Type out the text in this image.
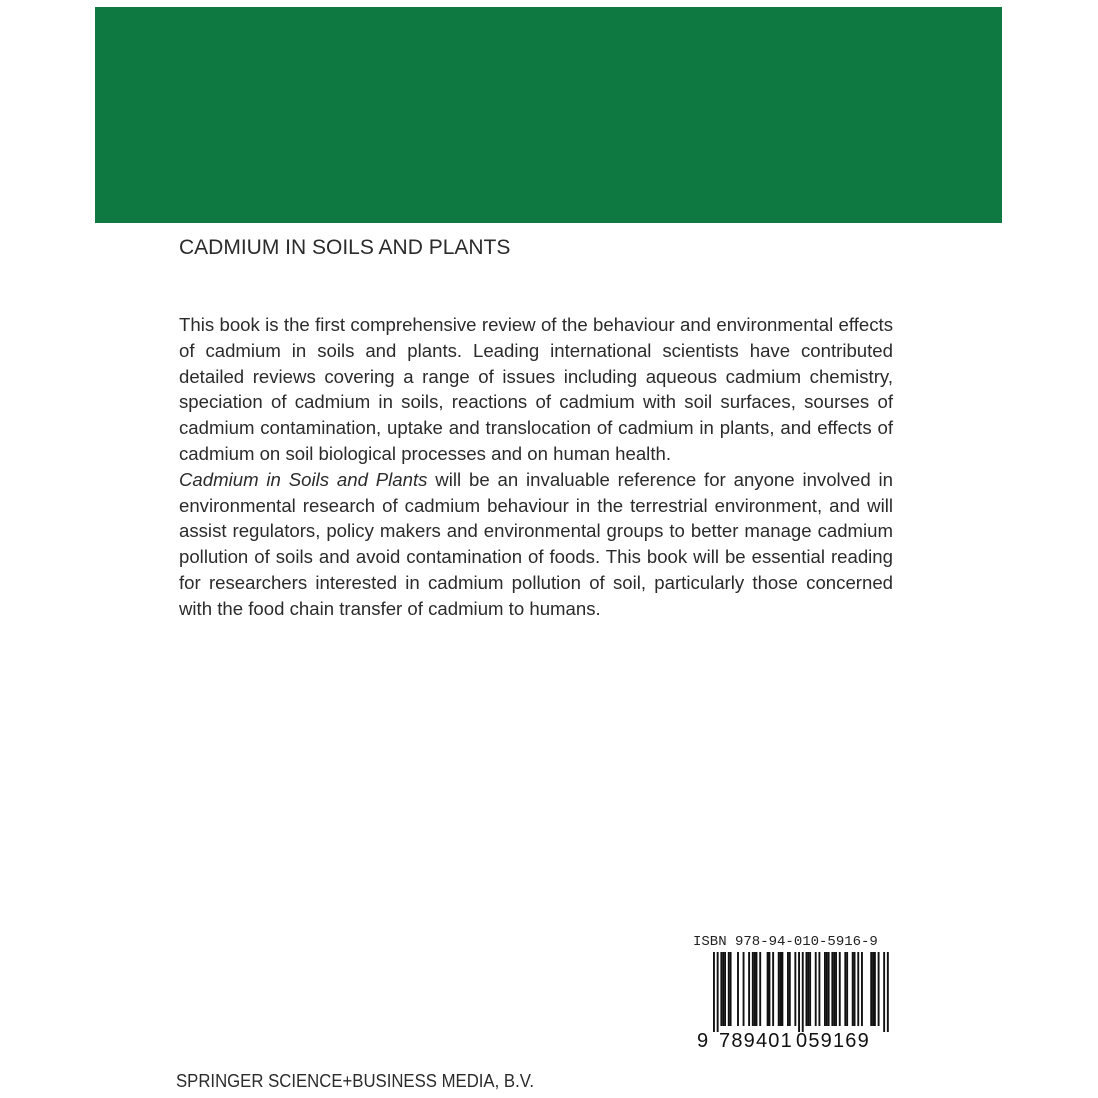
CADMIUM IN SOILS AND PLANTS

This book is the first comprehensive review of the behaviour and environmental effects of cadmium in soils and plants. Leading international scientists have contributed detailed reviews covering a range of issues including aqueous cadmium chemistry, speciation of cadmium in soils, reactions of cadmium with soil surfaces, sourses of cadmium contamination, uptake and translocation of cadmium in plants, and effects of cadmium on soil biological processes and on human health.

Cadmium in Soils and Plants will be an invaluable reference for anyone involved in environmental research of cadmium behaviour in the terrestrial environment, and will assist regulators, policy makers and environmental groups to better manage cadmium pollution of soils and avoid contamination of foods. This book will be essential reading for researchers interested in cadmium pollution of soil, particularly those concerned with the food chain transfer of cadmium to humans.

ISBN 978-94-010-5916-9
9 789401 059169
SPRINGER SCIENCE+BUSINESS MEDIA, B.V.
